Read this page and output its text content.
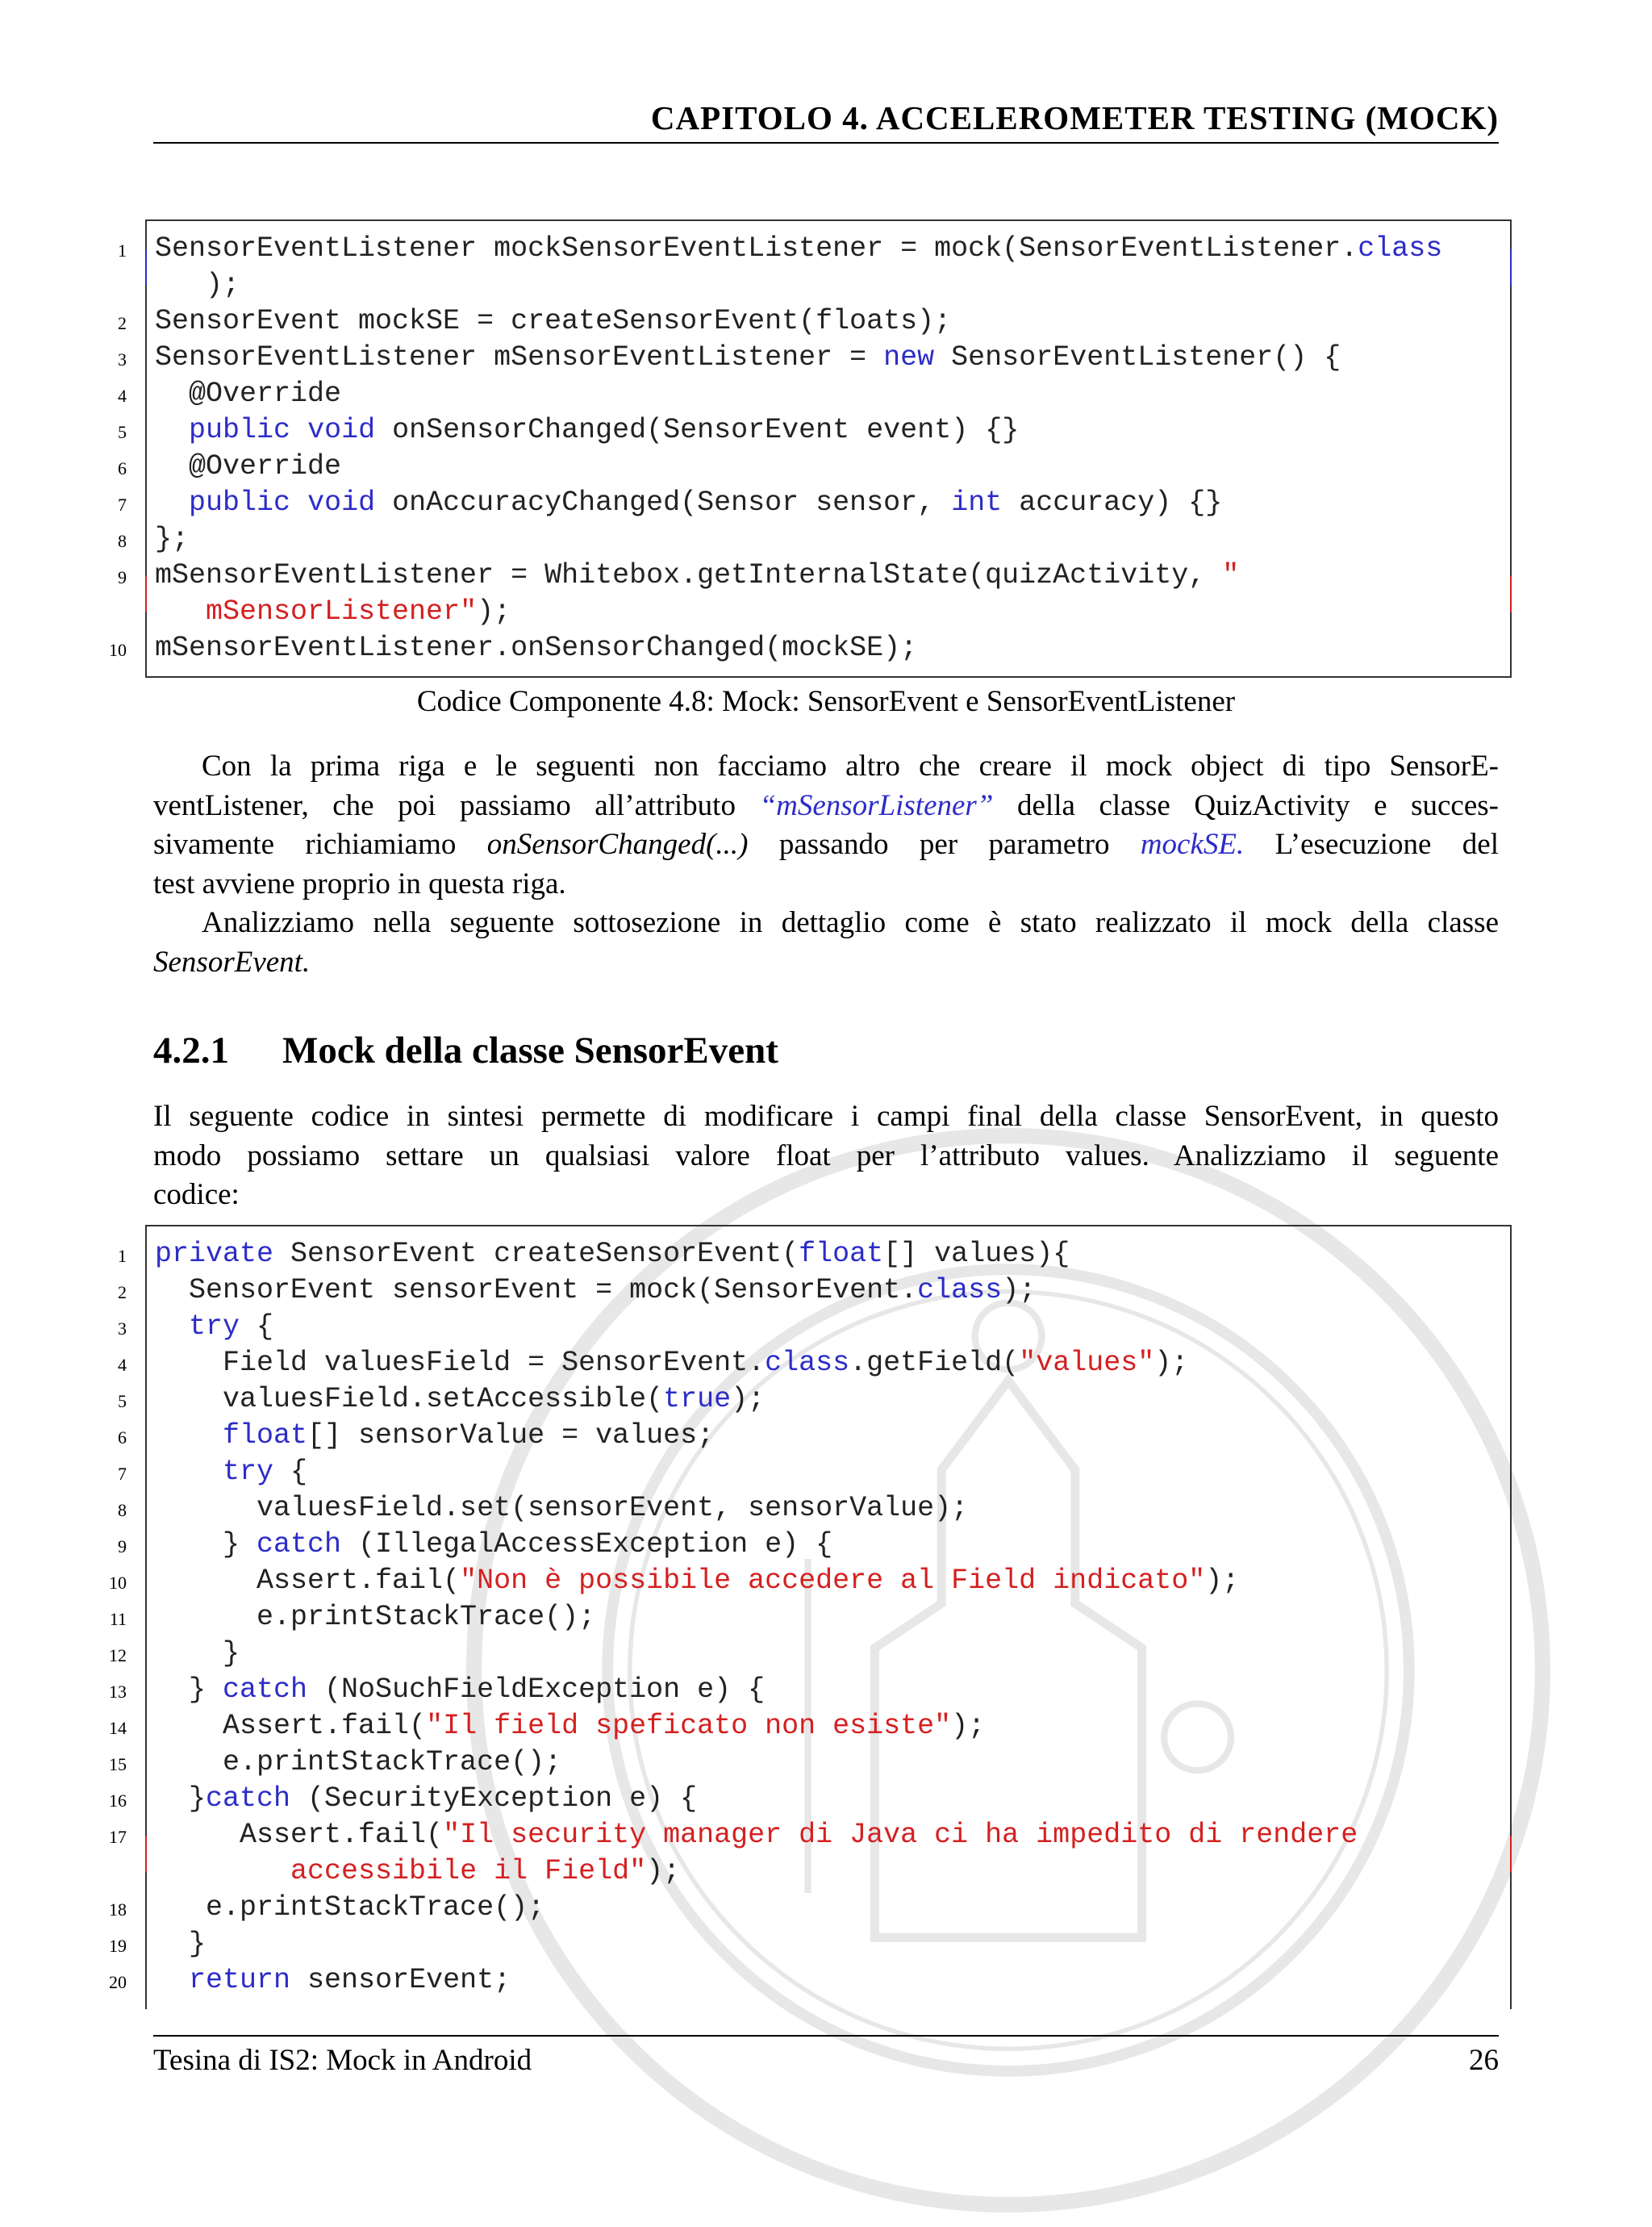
CAPITOLO 4. ACCELEROMETER TESTING (MOCK)
SensorEventListener mockSensorEventListener = mock(SensorEventListener.class
1
);
SensorEvent mockSE = createSensorEvent(floats);
2
SensorEventListener mSensorEventListener = new SensorEventListener() {
3
@Override
4
public void onSensorChanged(SensorEvent event) {}
5
@Override
6
public void onAccuracyChanged(Sensor sensor, int accuracy) {}
7
};
8
mSensorEventListener = Whitebox.getInternalState(quizActivity, "
9
mSensorListener");
mSensorEventListener.onSensorChanged(mockSE);
10
Codice Componente 4.8: Mock: SensorEvent e SensorEventListener
Con la prima riga e le seguenti non facciamo altro che creare il mock object di tipo SensorE-
ventListener, che poi passiamo all’attributo “mSensorListener” della classe QuizActivity e succes-
sivamente richiamiamo onSensorChanged(...) passando per parametro mockSE. L’esecuzione del
test avviene proprio in questa riga.
Analizziamo nella seguente sottosezione in dettaglio come è stato realizzato il mock della classe
SensorEvent.
4.2.1 Mock della classe SensorEvent
Il seguente codice in sintesi permette di modificare i campi final della classe SensorEvent, in questo
modo possiamo settare un qualsiasi valore float per l’attributo values. Analizziamo il seguente
codice:
private SensorEvent createSensorEvent(float[] values){
1
SensorEvent sensorEvent = mock(SensorEvent.class);
2
try {
3
Field valuesField = SensorEvent.class.getField("values");
4
valuesField.setAccessible(true);
5
float[] sensorValue = values;
6
try {
7
valuesField.set(sensorEvent, sensorValue);
8
} catch (IllegalAccessException e) {
9
Assert.fail("Non è possibile accedere al Field indicato");
10
e.printStackTrace();
11
}
12
} catch (NoSuchFieldException e) {
13
Assert.fail("Il field speficato non esiste");
14
e.printStackTrace();
15
}catch (SecurityException e) {
16
Assert.fail("Il security manager di Java ci ha impedito di rendere
17
accessibile il Field");
e.printStackTrace();
18
}
19
return sensorEvent;
20
Tesina di IS2: Mock in Android	26
